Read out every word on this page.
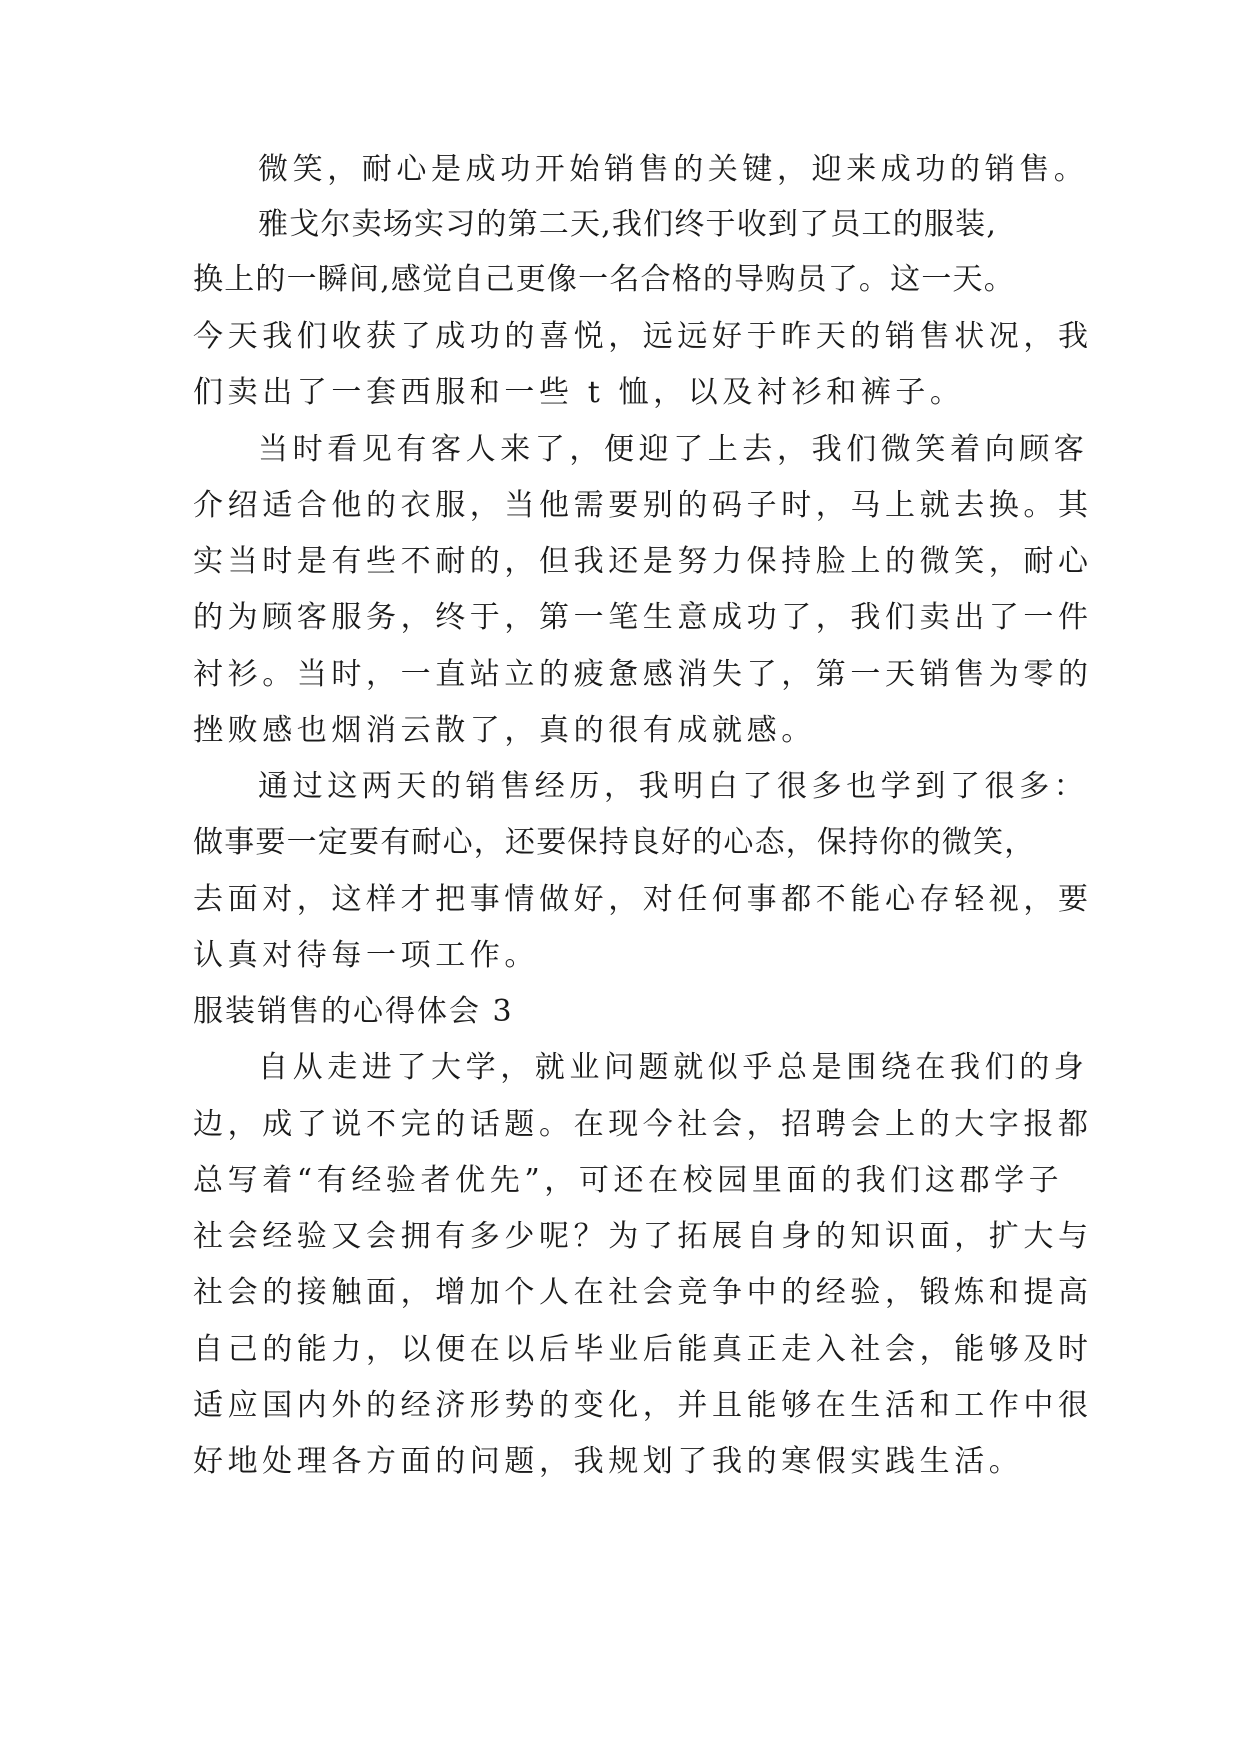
微笑，耐心是成功开始销售的关键，迎来成功的销售。
雅戈尔卖场实习的第二天,我们终于收到了员工的服装,
换上的一瞬间,感觉自己更像一名合格的导购员了。这一天。
今天我们收获了成功的喜悦，远远好于昨天的销售状况，我
们卖出了一套西服和一些 t 恤，以及衬衫和裤子。
当时看见有客人来了，便迎了上去，我们微笑着向顾客
介绍适合他的衣服，当他需要别的码子时，马上就去换。其
实当时是有些不耐的，但我还是努力保持脸上的微笑，耐心
的为顾客服务，终于，第一笔生意成功了，我们卖出了一件
衬衫。当时，一直站立的疲惫感消失了，第一天销售为零的
挫败感也烟消云散了，真的很有成就感。
通过这两天的销售经历，我明白了很多也学到了很多：
做事要一定要有耐心，还要保持良好的心态，保持你的微笑，
去面对，这样才把事情做好，对任何事都不能心存轻视，要
认真对待每一项工作。
服装销售的心得体会 3
自从走进了大学，就业问题就似乎总是围绕在我们的身
边，成了说不完的话题。在现今社会，招聘会上的大字报都
总写着“有经验者优先”，可还在校园里面的我们这郡学子
社会经验又会拥有多少呢？为了拓展自身的知识面，扩大与
社会的接触面，增加个人在社会竞争中的经验，锻炼和提高
自己的能力，以便在以后毕业后能真正走入社会，能够及时
适应国内外的经济形势的变化，并且能够在生活和工作中很
好地处理各方面的问题，我规划了我的寒假实践生活。
